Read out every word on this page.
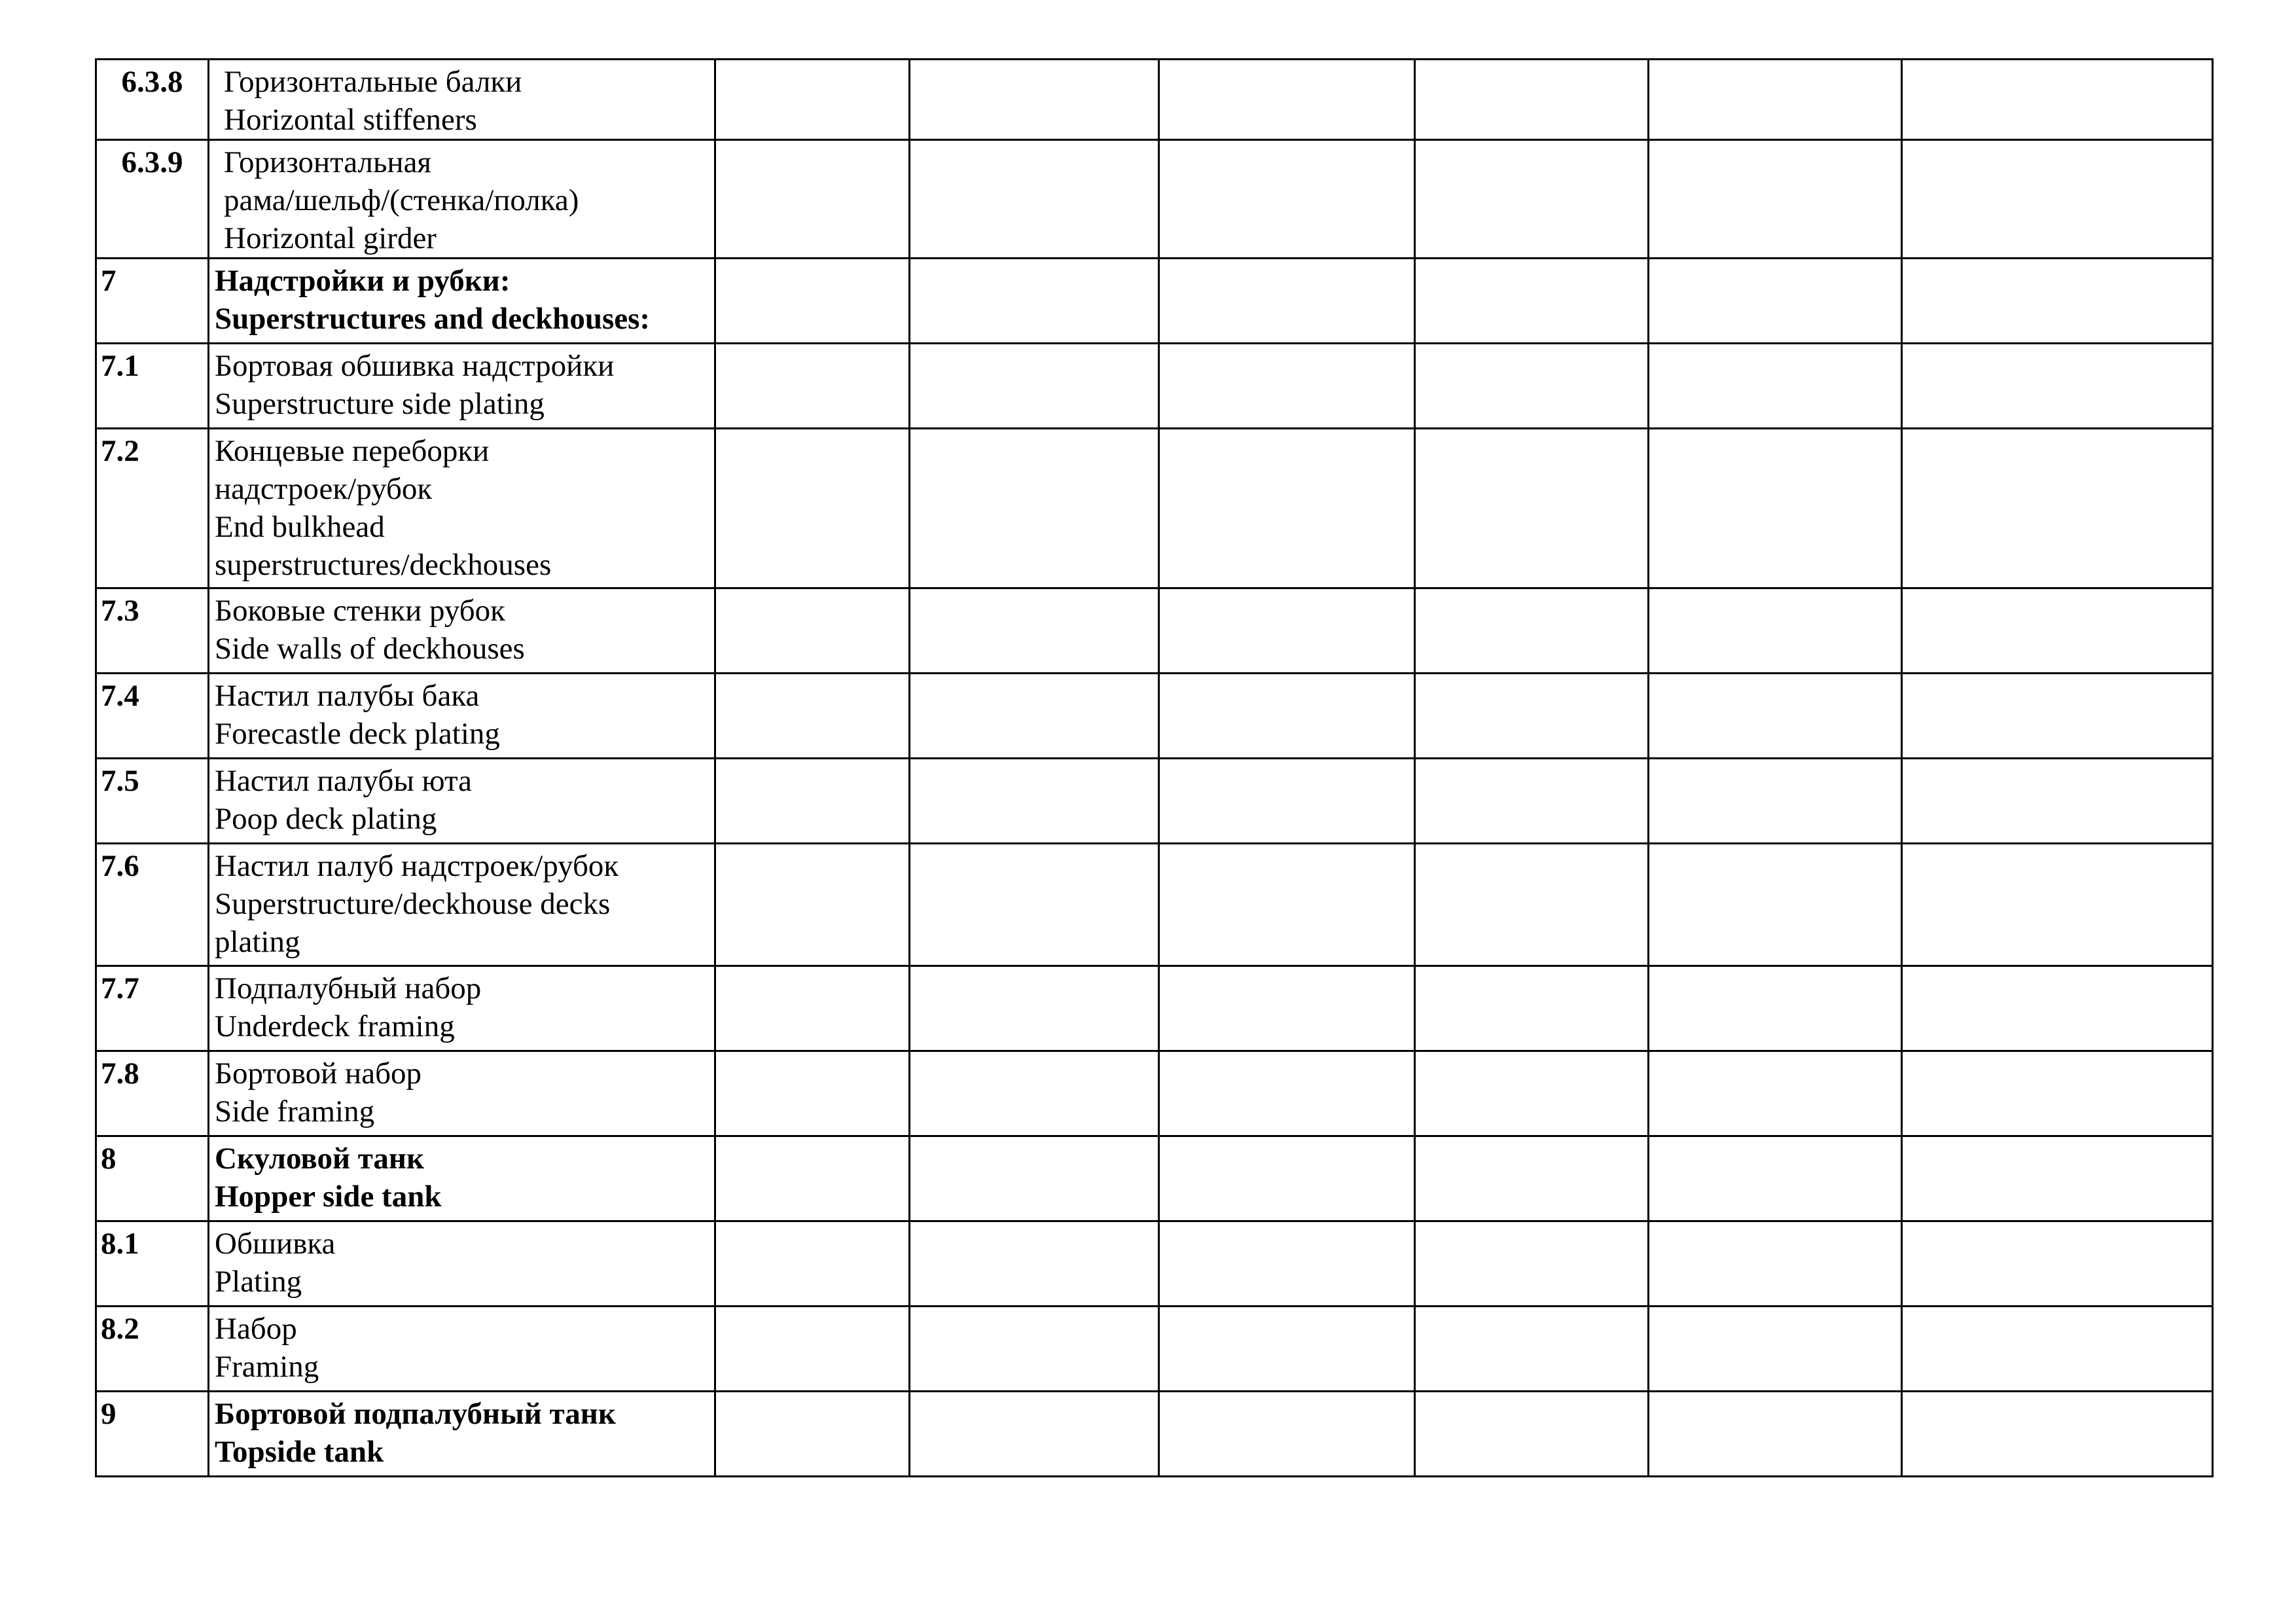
6.3.8	Горизонтальные балки
Horizontal stiffeners						

6.3.9	Горизонтальная
рама/шельф/(стенка/полка)
Horizontal girder						

7	Надстройки и рубки:
Superstructures and deckhouses:						

7.1	Бортовая обшивка надстройки
Superstructure side plating						

7.2	Концевые переборки
надстроек/рубок
End bulkhead
superstructures/deckhouses						

7.3	Боковые стенки рубок
Side walls of deckhouses						

7.4	Настил палубы бака
Forecastle deck plating						

7.5	Настил палубы юта
Poop deck plating						

7.6	Настил палуб надстроек/рубок
Superstructure/deckhouse decks
plating						

7.7	Подпалубный набор
Underdeck framing						

7.8	Бортовой набор
Side framing						

8	Скуловой танк
Hopper side tank						

8.1	Обшивка
Plating						

8.2	Набор
Framing						

9	Бортовой подпалубный танк
Topside tank						
